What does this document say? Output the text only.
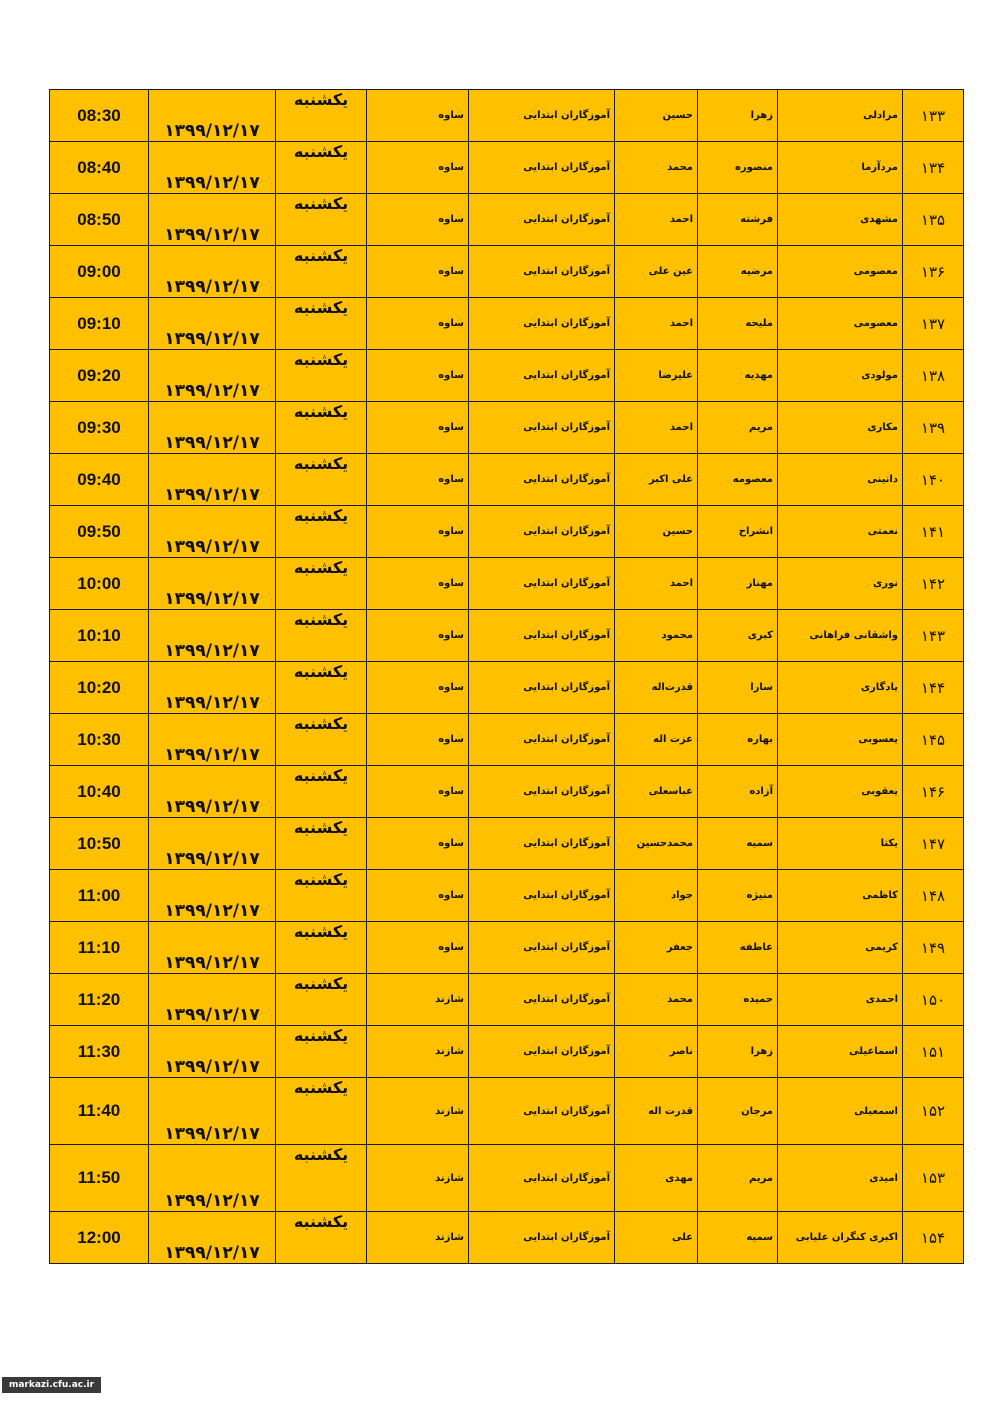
08:30	۱۳۹۹/۱۲/۱۷	یکشنبه	ساوه	آموزگاران ابتدایی	حسین	زهرا	مرادلی	۱۳۳
08:40	۱۳۹۹/۱۲/۱۷	یکشنبه	ساوه	آموزگاران ابتدایی	محمد	منصوره	مردآرما	۱۳۴
08:50	۱۳۹۹/۱۲/۱۷	یکشنبه	ساوه	آموزگاران ابتدایی	احمد	فرشته	مشهدی	۱۳۵
09:00	۱۳۹۹/۱۲/۱۷	یکشنبه	ساوه	آموزگاران ابتدایی	عین علی	مرضیه	معصومی	۱۳۶
09:10	۱۳۹۹/۱۲/۱۷	یکشنبه	ساوه	آموزگاران ابتدایی	احمد	ملیحه	معصومی	۱۳۷
09:20	۱۳۹۹/۱۲/۱۷	یکشنبه	ساوه	آموزگاران ابتدایی	علیرضا	مهدیه	مولودی	۱۳۸
09:30	۱۳۹۹/۱۲/۱۷	یکشنبه	ساوه	آموزگاران ابتدایی	احمد	مریم	مکاری	۱۳۹
09:40	۱۳۹۹/۱۲/۱۷	یکشنبه	ساوه	آموزگاران ابتدایی	علی اکبر	معصومه	دانینی	۱۴۰
09:50	۱۳۹۹/۱۲/۱۷	یکشنبه	ساوه	آموزگاران ابتدایی	حسین	انشراح	نعمتی	۱۴۱
10:00	۱۳۹۹/۱۲/۱۷	یکشنبه	ساوه	آموزگاران ابتدایی	احمد	مهناز	نوری	۱۴۲
10:10	۱۳۹۹/۱۲/۱۷	یکشنبه	ساوه	آموزگاران ابتدایی	محمود	کبری	واشقانی فراهانی	۱۴۳
10:20	۱۳۹۹/۱۲/۱۷	یکشنبه	ساوه	آموزگاران ابتدایی	قدرت‌اله	سارا	یادگاری	۱۴۴
10:30	۱۳۹۹/۱۲/۱۷	یکشنبه	ساوه	آموزگاران ابتدایی	عزت اله	بهاره	یعسوبی	۱۴۵
10:40	۱۳۹۹/۱۲/۱۷	یکشنبه	ساوه	آموزگاران ابتدایی	عباسعلی	آزاده	یعقوبی	۱۴۶
10:50	۱۳۹۹/۱۲/۱۷	یکشنبه	ساوه	آموزگاران ابتدایی	محمدحسین	سمیه	یکتا	۱۴۷
11:00	۱۳۹۹/۱۲/۱۷	یکشنبه	ساوه	آموزگاران ابتدایی	جواد	منیژه	کاظمی	۱۴۸
11:10	۱۳۹۹/۱۲/۱۷	یکشنبه	ساوه	آموزگاران ابتدایی	جعفر	عاطفه	کریمی	۱۴۹
11:20	۱۳۹۹/۱۲/۱۷	یکشنبه	شازند	آموزگاران ابتدایی	محمد	حمیده	احمدی	۱۵۰
11:30	۱۳۹۹/۱۲/۱۷	یکشنبه	شازند	آموزگاران ابتدایی	ناصر	زهرا	اسماعیلی	۱۵۱
11:40	۱۳۹۹/۱۲/۱۷	یکشنبه	شازند	آموزگاران ابتدایی	قدرت اله	مرجان	اسمعیلی	۱۵۲
11:50	۱۳۹۹/۱۲/۱۷	یکشنبه	شازند	آموزگاران ابتدایی	مهدی	مریم	امیدی	۱۵۳
12:00	۱۳۹۹/۱۲/۱۷	یکشنبه	شازند	آموزگاران ابتدایی	علی	سمیه	اکبری کنگران علیابی	۱۵۴
markazi.cfu.ac.ir
